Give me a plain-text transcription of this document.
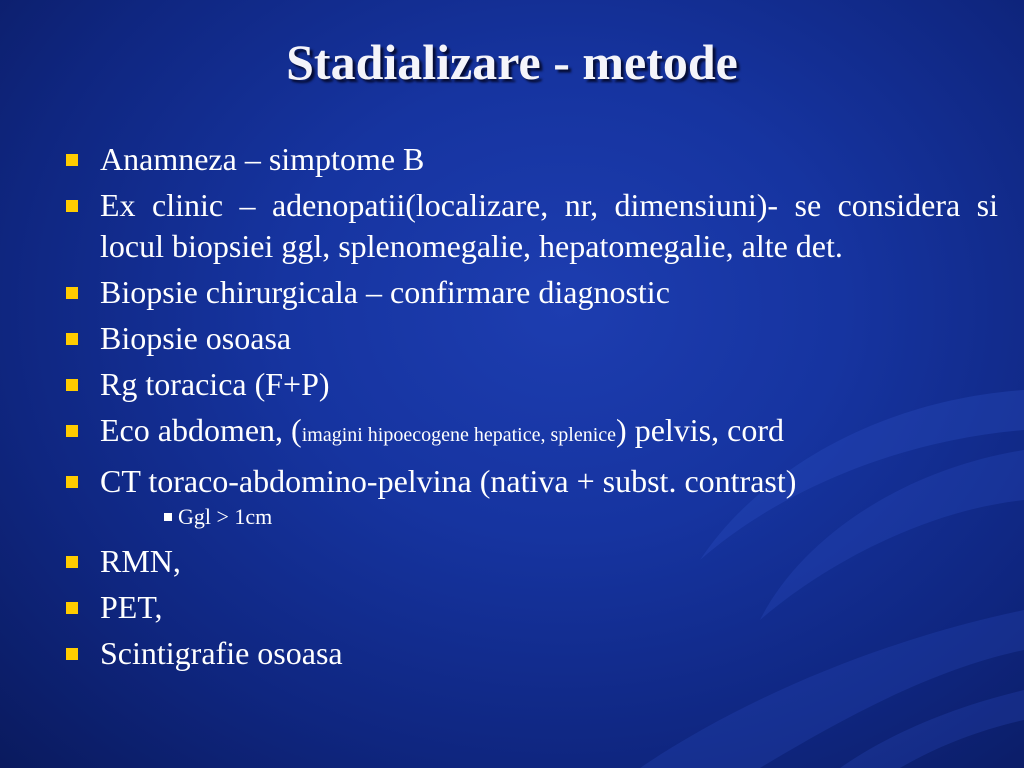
Stadializare - metode
Anamneza – simptome B
Ex clinic – adenopatii(localizare, nr, dimensiuni)- se considera si locul biopsiei ggl, splenomegalie, hepatomegalie, alte det.
Biopsie chirurgicala – confirmare diagnostic
Biopsie osoasa
Rg toracica (F+P)
Eco abdomen, (imagini hipoecogene hepatice, splenice) pelvis, cord
CT toraco-abdomino-pelvina (nativa + subst. contrast)
Ggl > 1cm
RMN,
PET,
Scintigrafie osoasa
